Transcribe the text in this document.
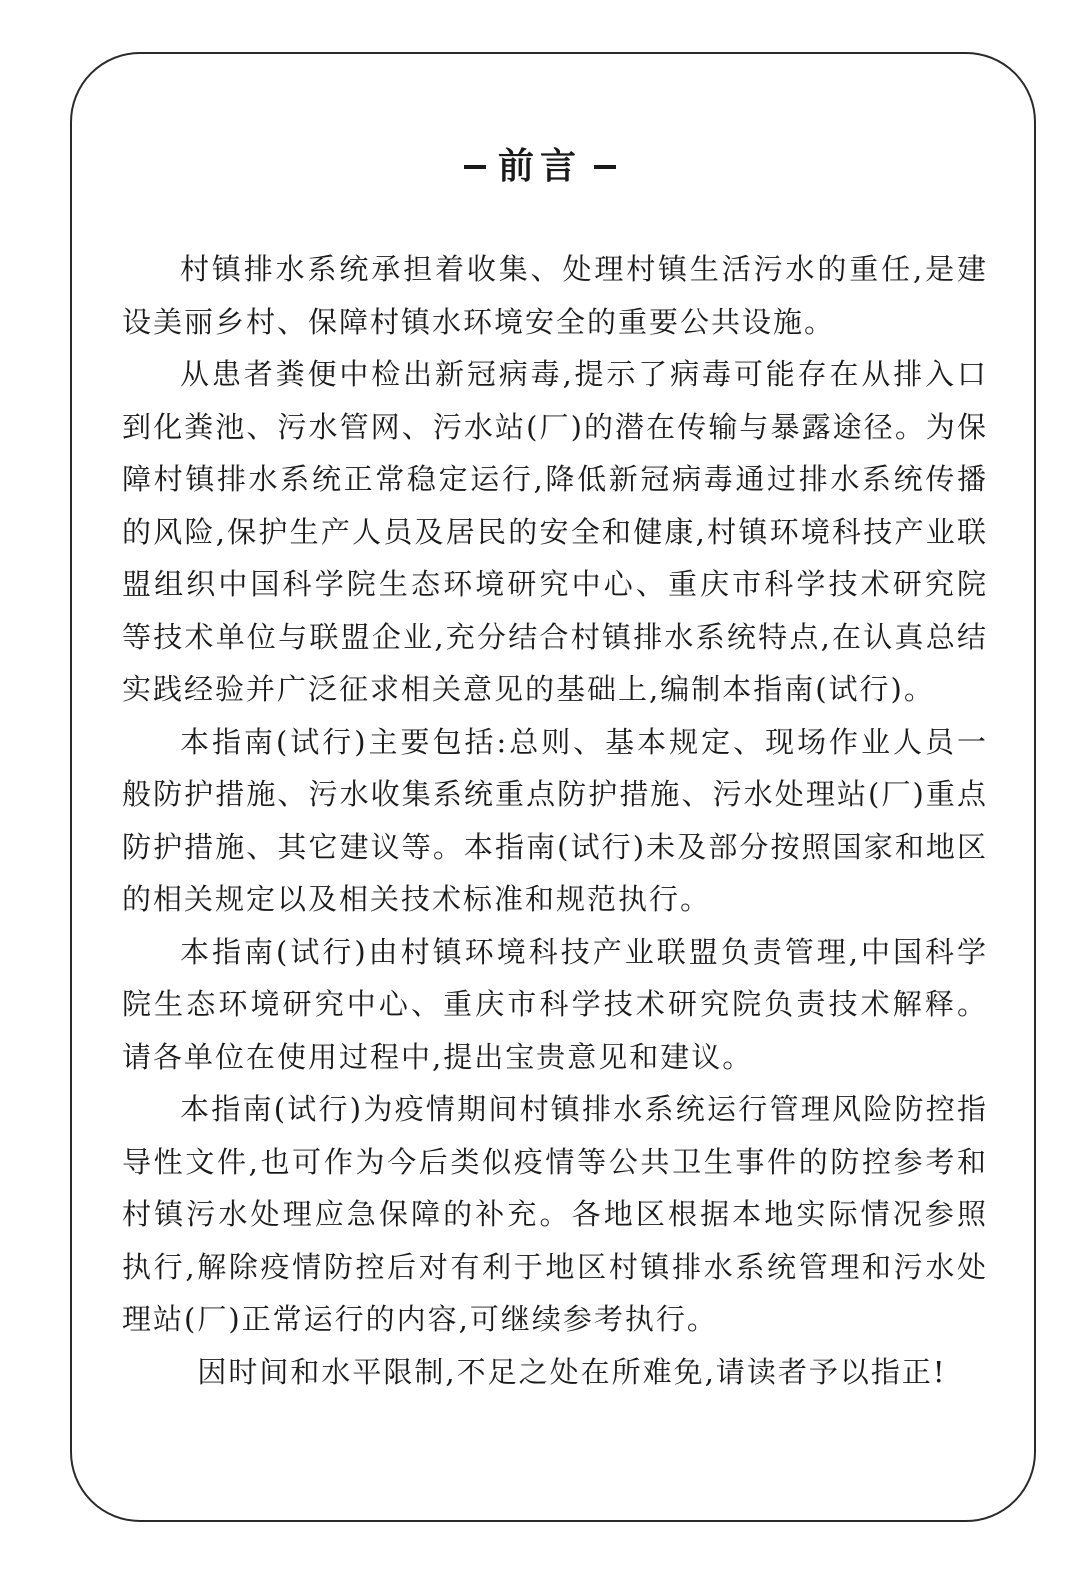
前言

村镇排水系统承担着收集、处理村镇生活污水的重任,是建设美丽乡村、保障村镇水环境安全的重要公共设施。

从患者粪便中检出新冠病毒,提示了病毒可能存在从排入口到化粪池、污水管网、污水站(厂)的潜在传输与暴露途径。为保障村镇排水系统正常稳定运行,降低新冠病毒通过排水系统传播的风险,保护生产人员及居民的安全和健康,村镇环境科技产业联盟组织中国科学院生态环境研究中心、重庆市科学技术研究院等技术单位与联盟企业,充分结合村镇排水系统特点,在认真总结实践经验并广泛征求相关意见的基础上,编制本指南(试行)。

本指南(试行)主要包括:总则、基本规定、现场作业人员一般防护措施、污水收集系统重点防护措施、污水处理站(厂)重点防护措施、其它建议等。本指南(试行)未及部分按照国家和地区的相关规定以及相关技术标准和规范执行。

本指南(试行)由村镇环境科技产业联盟负责管理,中国科学院生态环境研究中心、重庆市科学技术研究院负责技术解释。请各单位在使用过程中,提出宝贵意见和建议。

本指南(试行)为疫情期间村镇排水系统运行管理风险防控指导性文件,也可作为今后类似疫情等公共卫生事件的防控参考和村镇污水处理应急保障的补充。各地区根据本地实际情况参照执行,解除疫情防控后对有利于地区村镇排水系统管理和污水处理站(厂)正常运行的内容,可继续参考执行。

因时间和水平限制,不足之处在所难免,请读者予以指正!
